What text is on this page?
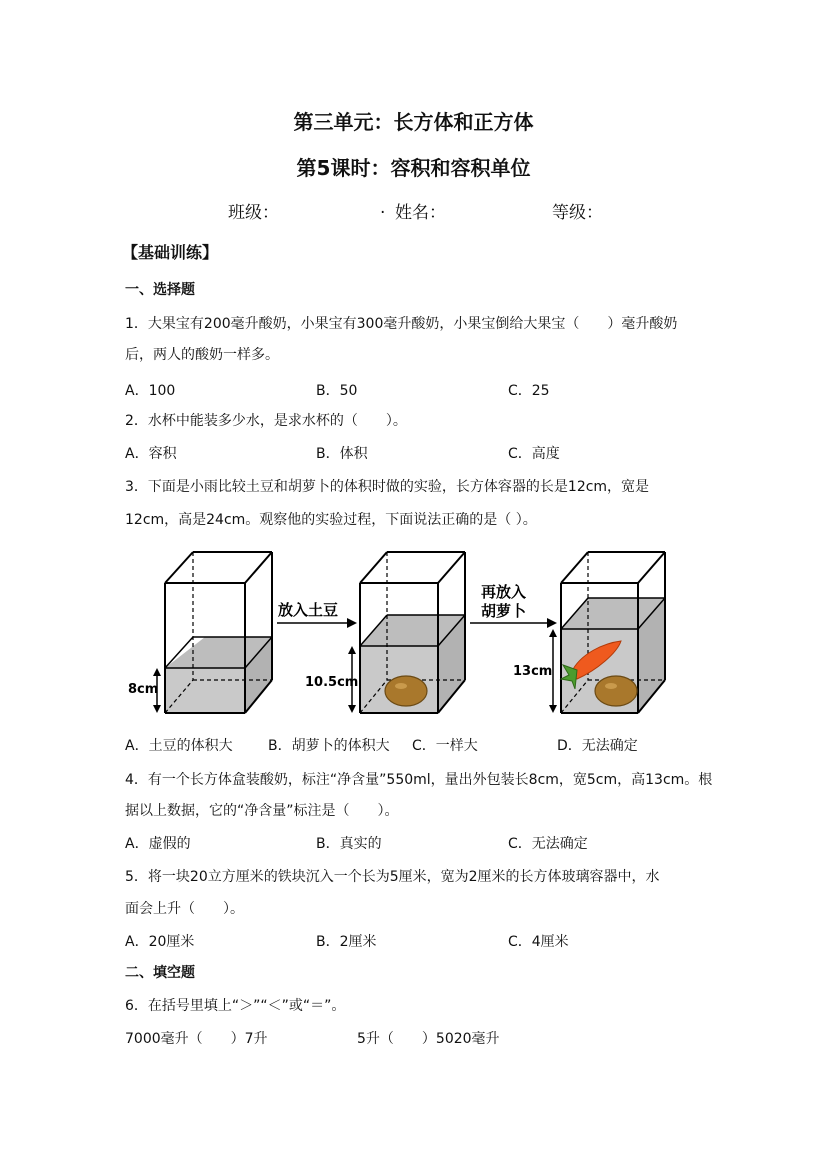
第三单元：长方体和正方体
第5课时：容积和容积单位
班级：	. 姓名：	等级：
【基础训练】
一、选择题
1．大果宝有200毫升酸奶，小果宝有300毫升酸奶，小果宝倒给大果宝（　　）毫升酸奶
后，两人的酸奶一样多。
A．100	B．50	C．25
2．水杯中能装多少水，是求水杯的（　　）。
A．容积	B．体积	C．高度
3．下面是小雨比较土豆和胡萝卜的体积时做的实验，长方体容器的长是12cm，宽是
12cm，高是24cm。观察他的实验过程，下面说法正确的是（ ）。
8cm
放入土豆
10.5cm
再放入
胡萝卜
13cm
A．土豆的体积大	B．胡萝卜的体积大 C．一样大	D．无法确定
4．有一个长方体盒装酸奶，标注“净含量”550ml，量出外包装长8cm，宽5cm，高13cm。根
据以上数据，它的“净含量”标注是（　　）。
A．虚假的	B．真实的	C．无法确定
5．将一块20立方厘米的铁块沉入一个长为5厘米，宽为2厘米的长方体玻璃容器中，水
面会上升（　　）。
A．20厘米	B．2厘米	C．4厘米
二、填空题
6．在括号里填上“＞”“＜”或“＝”。
7000毫升（　　）7升	5升（　　）5020毫升
